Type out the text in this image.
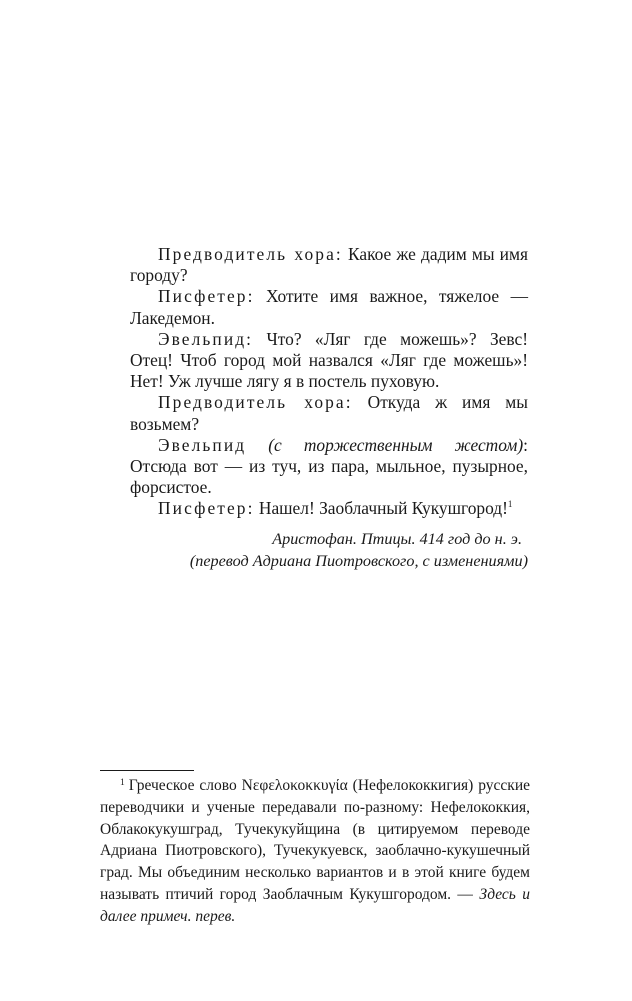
Предводитель хора: Какое же дадим мы имя городу?

Писфетер: Хотите имя важное, тяжелое — Лакедемон.

Эвельпид: Что? «Ляг где можешь»? Зевс! Отец! Чтоб город мой назвался «Ляг где можешь»! Нет! Уж лучше лягу я в постель пуховую.

Предводитель хора: Откуда ж имя мы возьмем?

Эвельпид (с торжественным жестом): Отсюда вот — из туч, из пара, мыльное, пузырное, форсистое.

Писфетер: Нашел! Заоблачный Кукушгород!$^1$

Аристофан. Птицы. 414 год до н. э.
(перевод Адриана Пиотровского, с изменениями)

$^1$ Греческое слово Νεφελοκοκκυγία (Нефелококкигия) русские переводчики и ученые передавали по-разному: Нефелококкия, Облакокукушград, Тучекукуйщина (в цитируемом переводе Адриана Пиотровского), Тучекукуевск, заоблачно-кукушечный град. Мы объединим несколько вариантов и в этой книге будем называть птичий город Заоблачным Кукушгородом. — Здесь и далее примеч. перев.
